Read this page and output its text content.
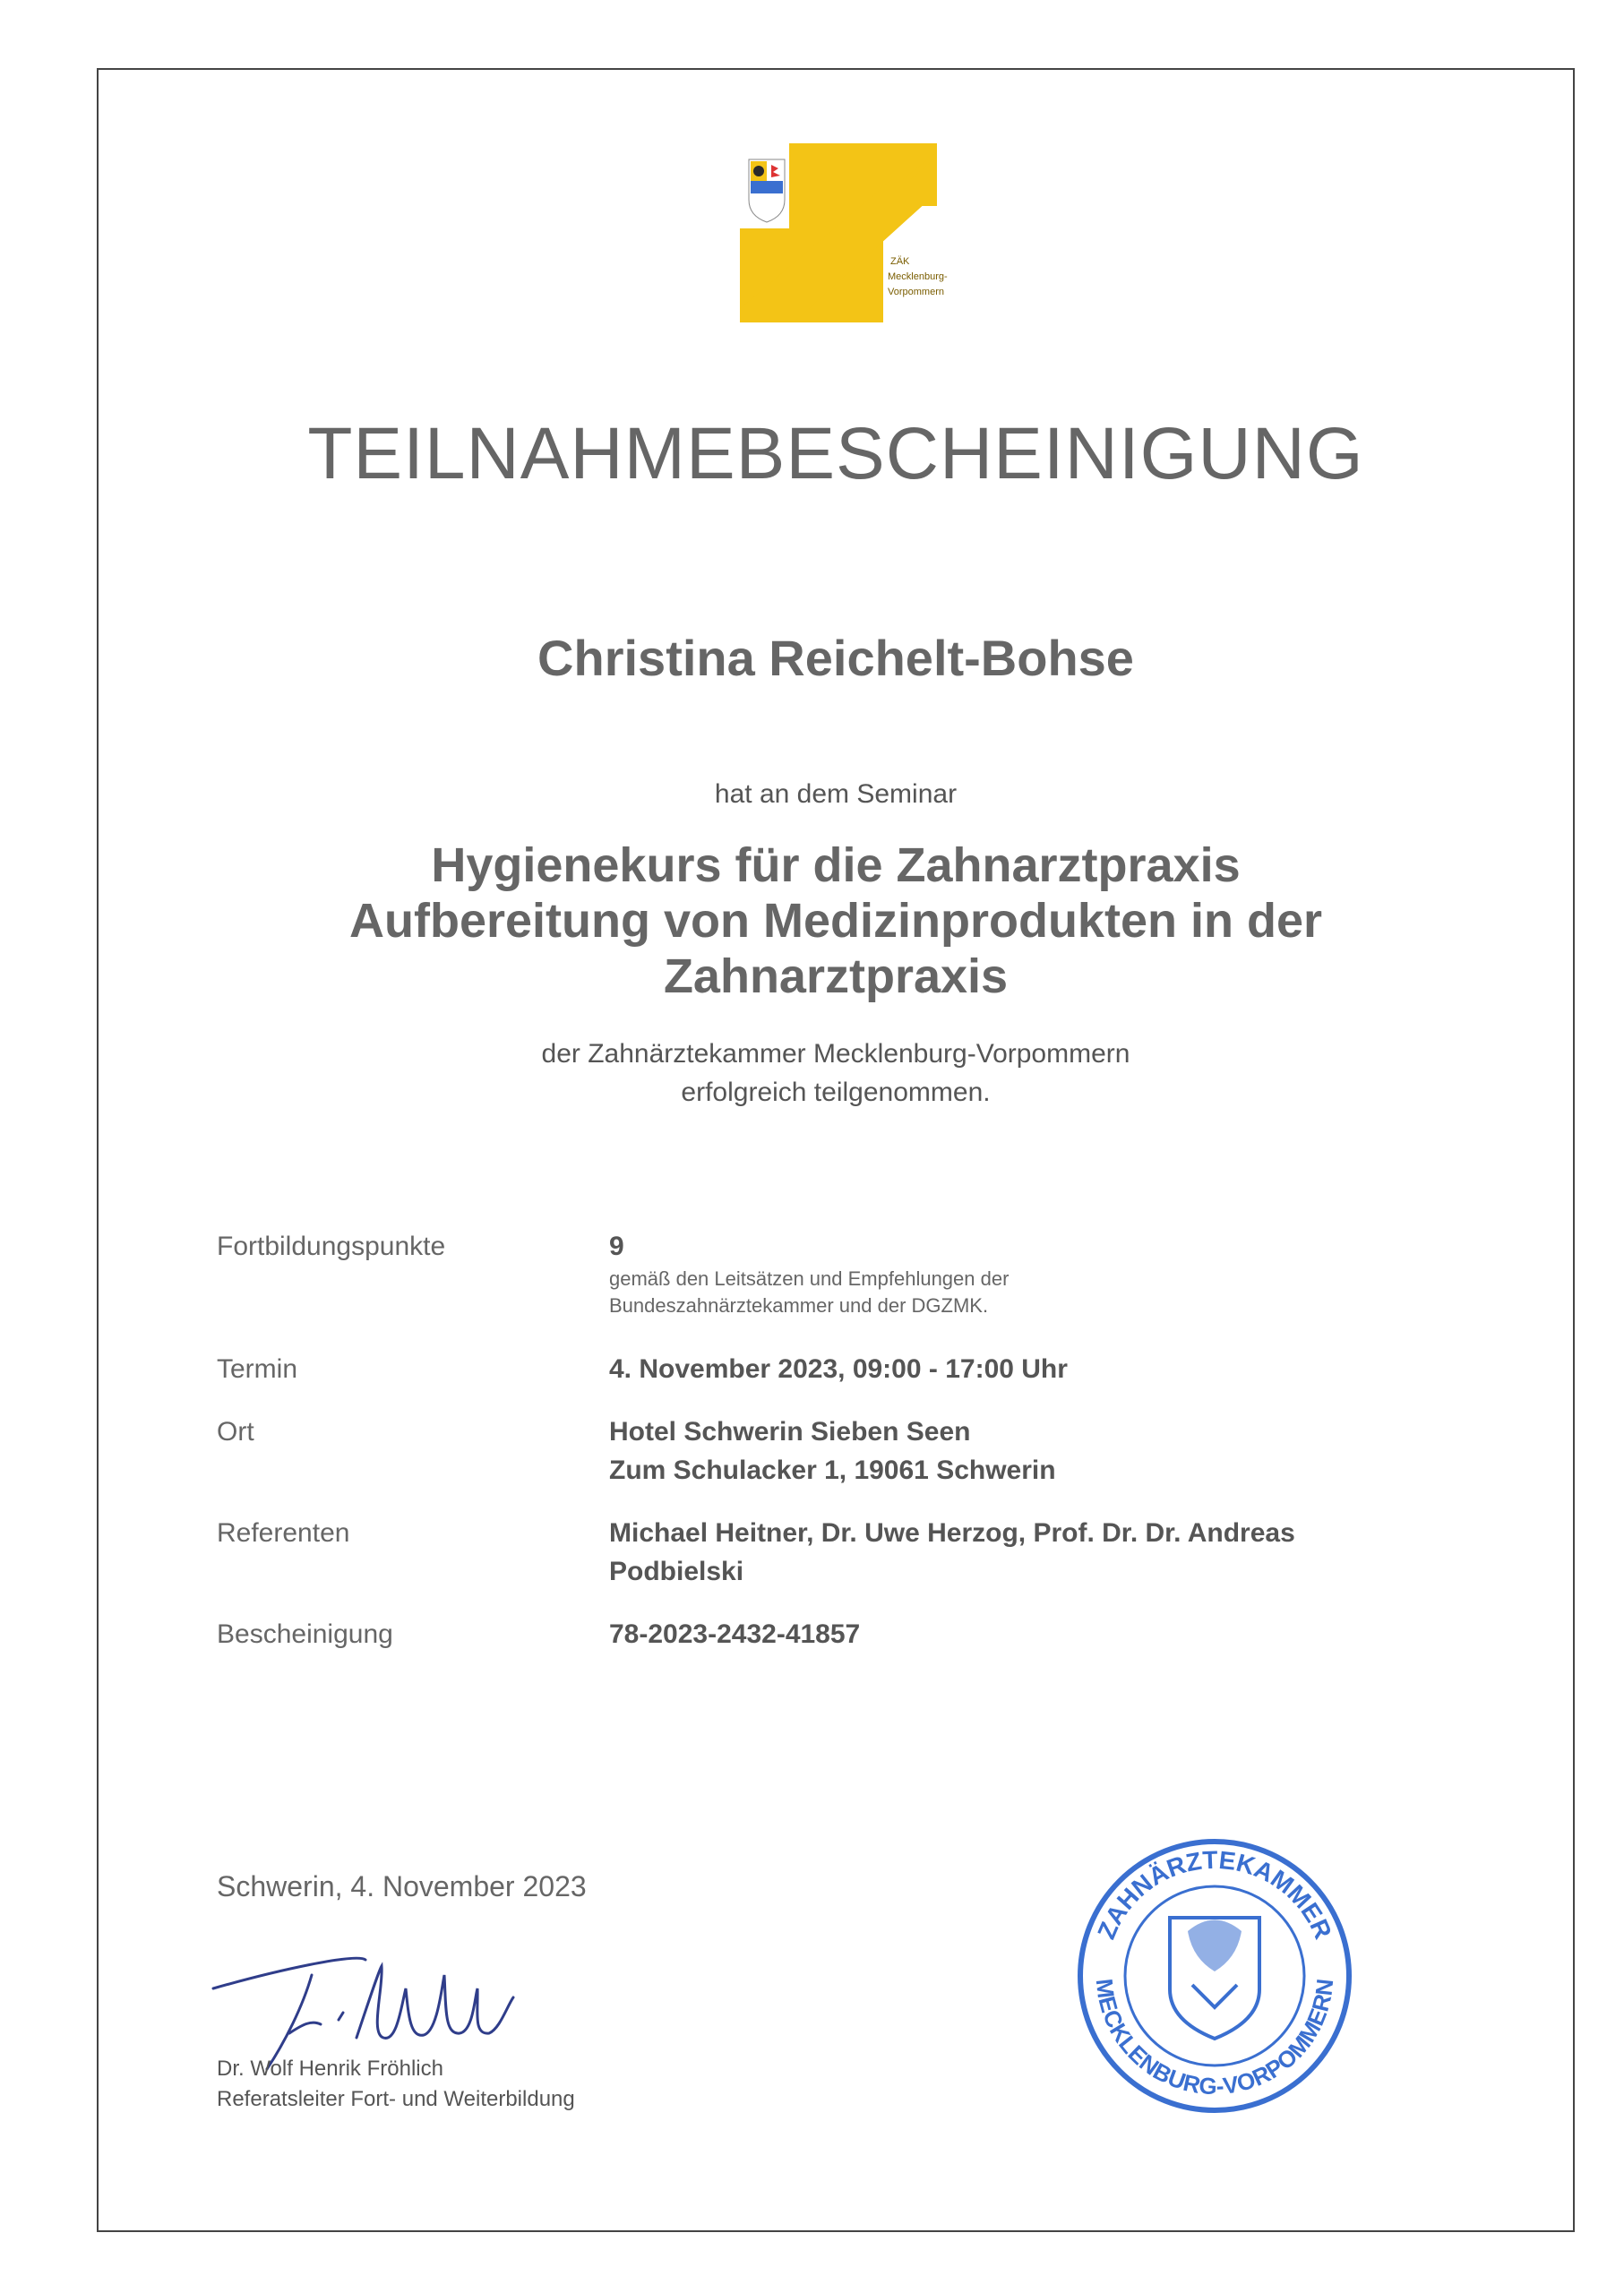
ZÄK
Mecklenburg-
Vorpommern
TEILNAHMEBESCHEINIGUNG
Christina Reichelt-Bohse
hat an dem Seminar
Hygienekurs für die Zahnarztpraxis
Aufbereitung von Medizinprodukten in der
Zahnarztpraxis
der Zahnärztekammer Mecklenburg-Vorpommern
erfolgreich teilgenommen.
Fortbildungspunkte	9
gemäß den Leitsätzen und Empfehlungen der
Bundeszahnärztekammer und der DGZMK.
Termin	4. November 2023, 09:00 - 17:00 Uhr
Ort	Hotel Schwerin Sieben Seen
Zum Schulacker 1, 19061 Schwerin
Referenten	Michael Heitner, Dr. Uwe Herzog, Prof. Dr. Dr. Andreas
Podbielski
Bescheinigung	78-2023-2432-41857
Schwerin, 4. November 2023
Dr. Wolf Henrik Fröhlich
Referatsleiter Fort- und Weiterbildung
ZAHNÄRZTEKAMMER
MECKLENBURG-VORPOMMERN
